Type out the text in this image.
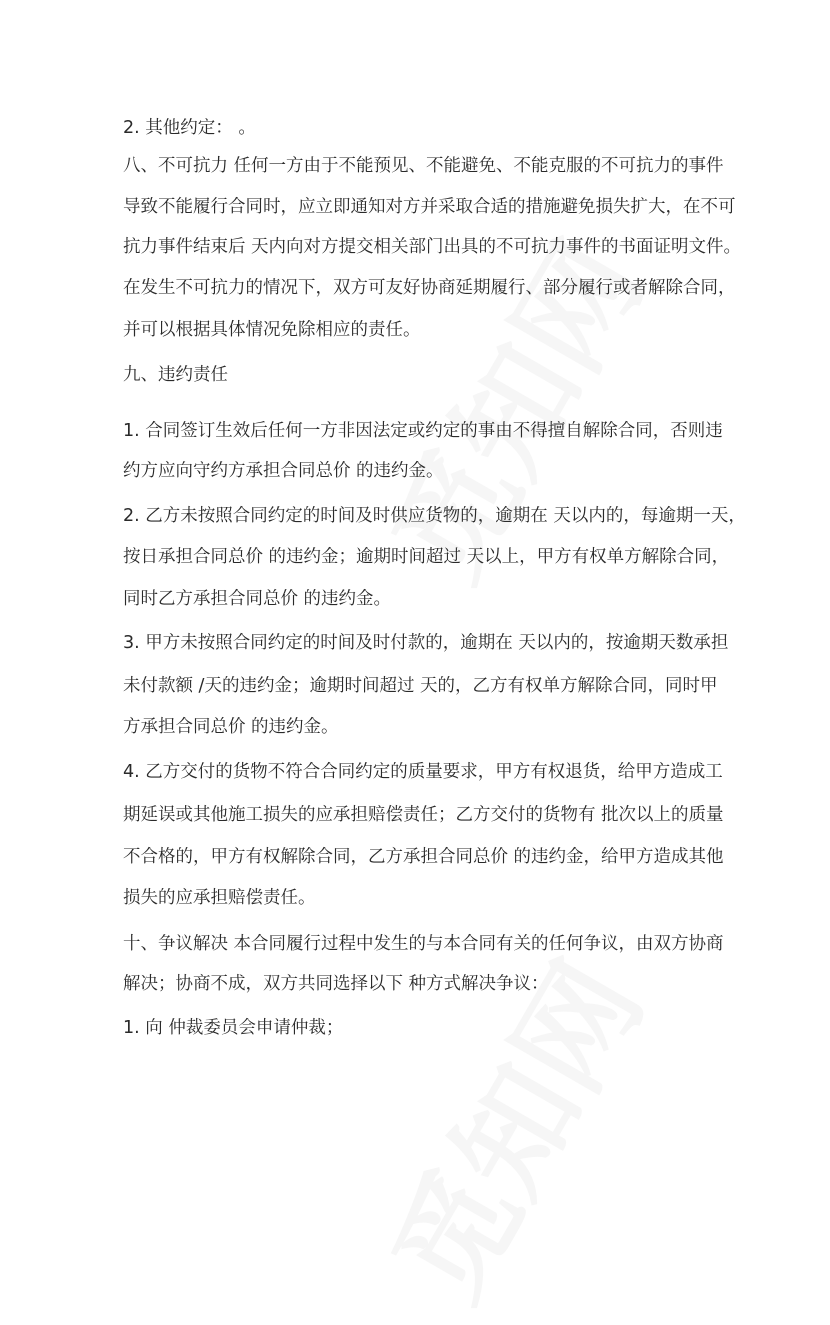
2. 其他约定： 。
八、不可抗力 任何一方由于不能预见、不能避免、不能克服的不可抗力的事件
导致不能履行合同时，应立即通知对方并采取合适的措施避免损失扩大，在不可
抗力事件结束后 天内向对方提交相关部门出具的不可抗力事件的书面证明文件。
在发生不可抗力的情况下，双方可友好协商延期履行、部分履行或者解除合同，
并可以根据具体情况免除相应的责任。
九、违约责任
1. 合同签订生效后任何一方非因法定或约定的事由不得擅自解除合同，否则违
约方应向守约方承担合同总价 的违约金。
2. 乙方未按照合同约定的时间及时供应货物的，逾期在 天以内的，每逾期一天，
按日承担合同总价 的违约金；逾期时间超过 天以上，甲方有权单方解除合同，
同时乙方承担合同总价 的违约金。
3. 甲方未按照合同约定的时间及时付款的，逾期在 天以内的，按逾期天数承担
未付款额 /天的违约金；逾期时间超过 天的，乙方有权单方解除合同，同时甲
方承担合同总价 的违约金。
4. 乙方交付的货物不符合合同约定的质量要求，甲方有权退货，给甲方造成工
期延误或其他施工损失的应承担赔偿责任；乙方交付的货物有 批次以上的质量
不合格的，甲方有权解除合同，乙方承担合同总价 的违约金，给甲方造成其他
损失的应承担赔偿责任。
十、争议解决 本合同履行过程中发生的与本合同有关的任何争议，由双方协商
解决；协商不成，双方共同选择以下 种方式解决争议：
1. 向 仲裁委员会申请仲裁；
